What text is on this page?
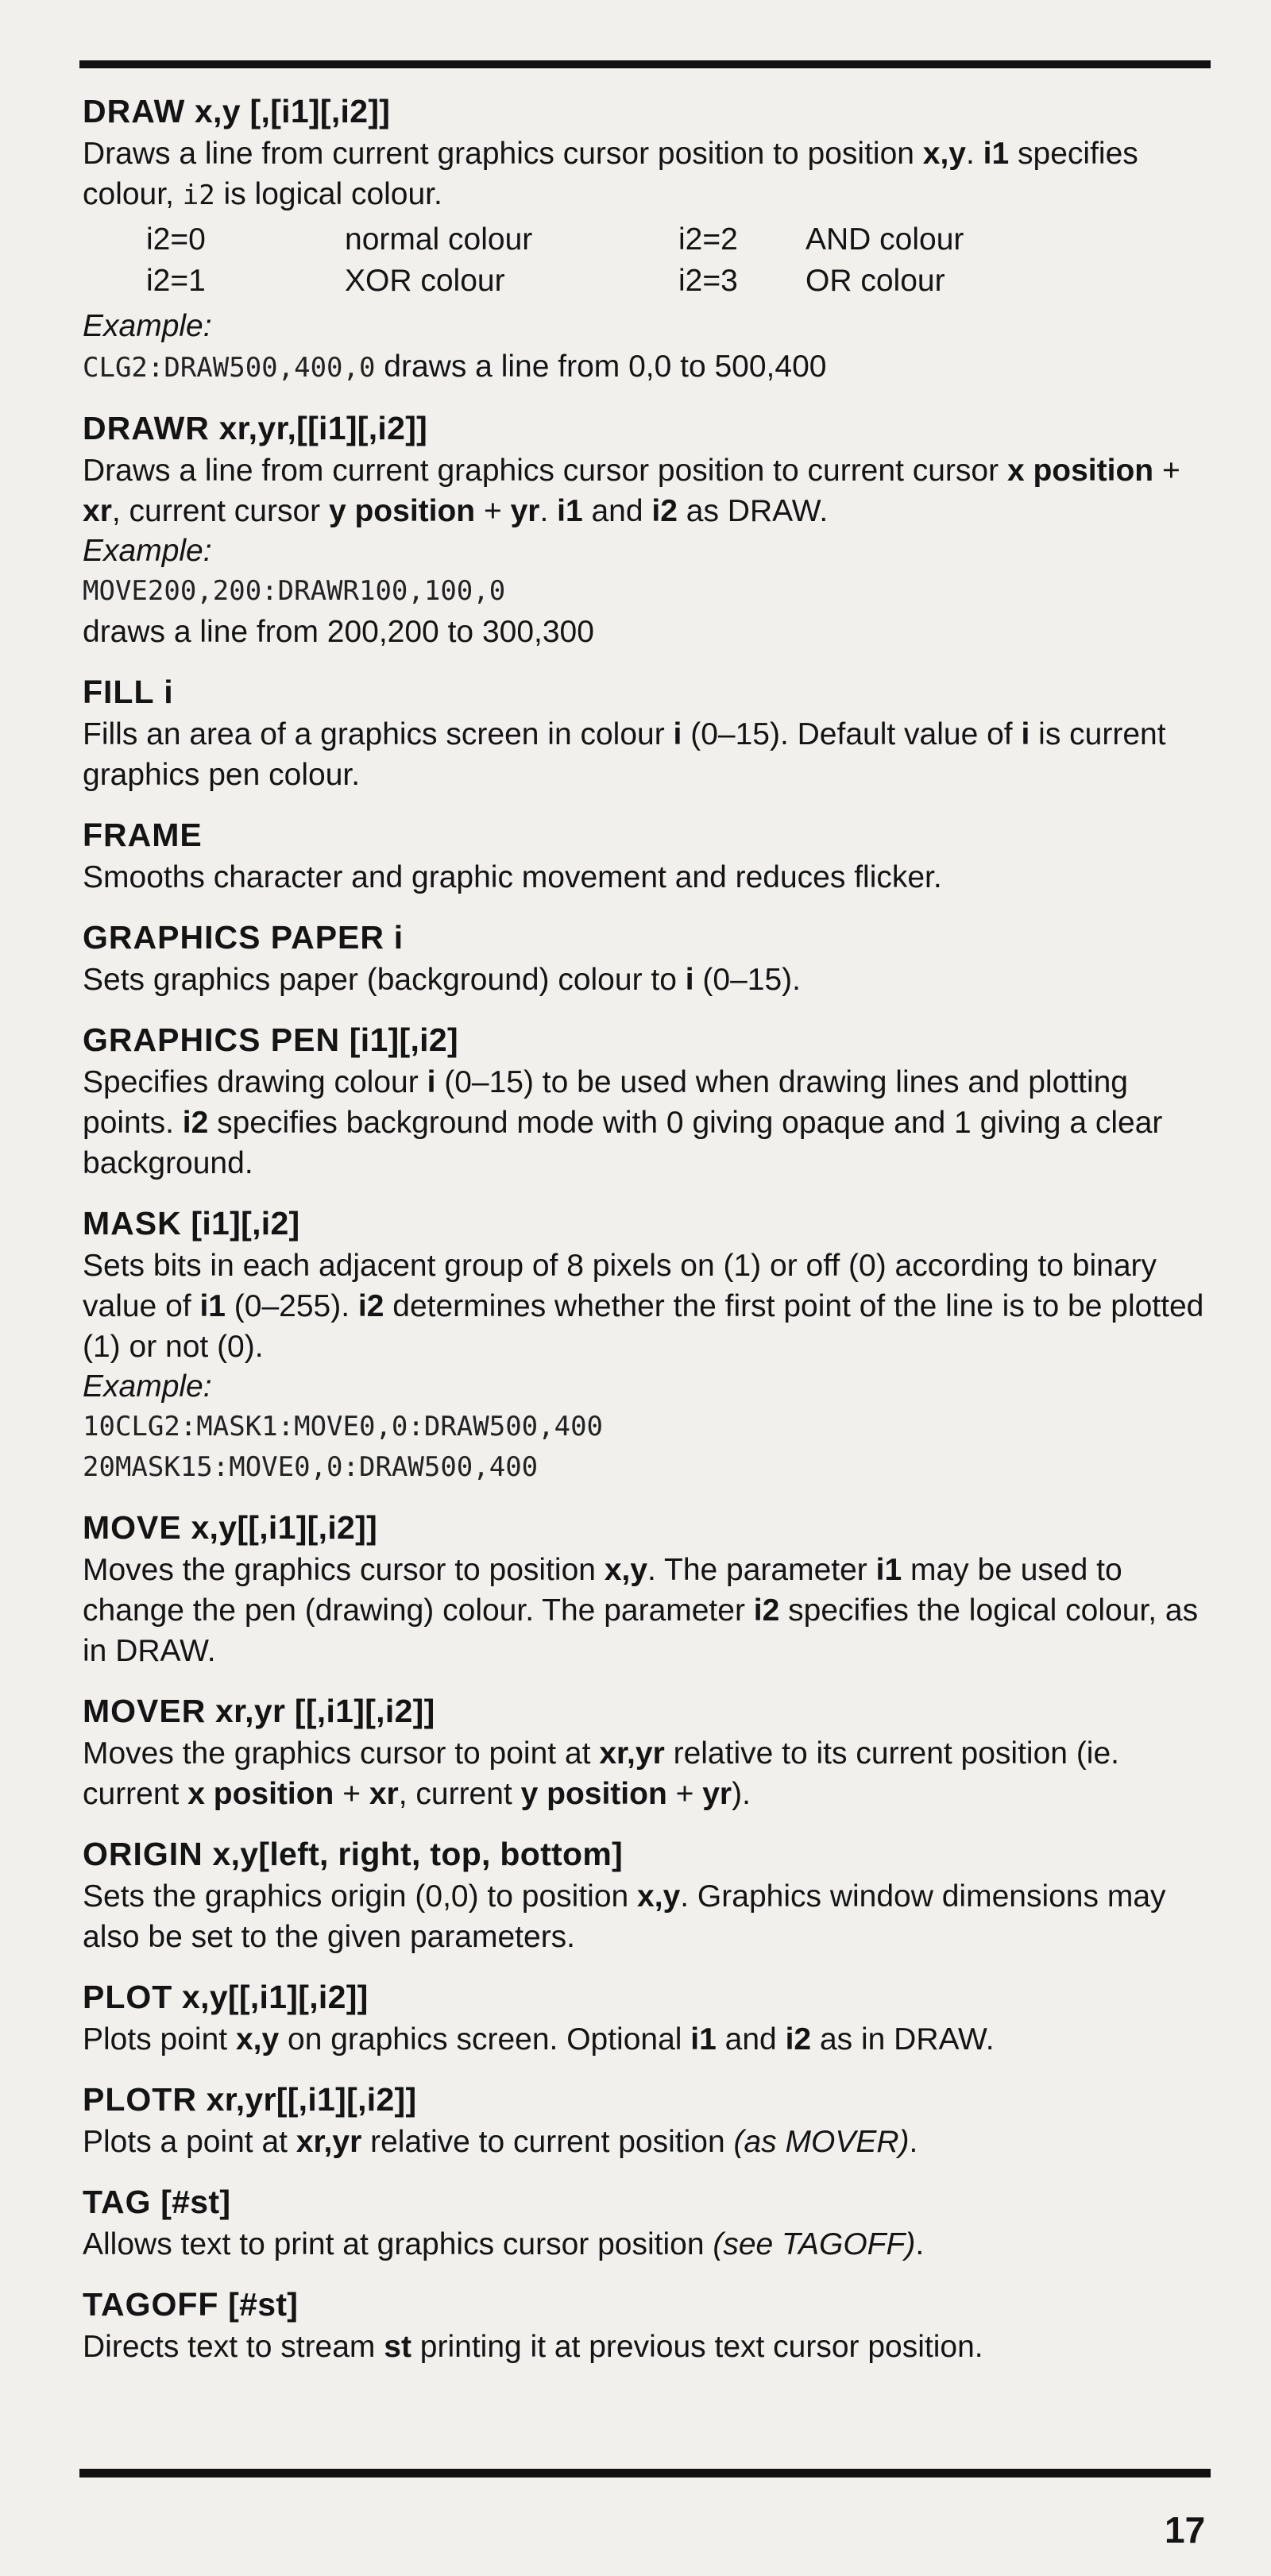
DRAW x,y [,[i1][,i2]]
Draws a line from current graphics cursor position to position x,y. i1 specifies colour, i2 is logical colour.
i2=0	normal colour	i2=2	AND colour
i2=1	XOR colour	i2=3	OR colour
Example:
CLG2:DRAW500,400,0 draws a line from 0,0 to 500,400
DRAWR xr,yr,[[i1][,i2]]
Draws a line from current graphics cursor position to current cursor x position + xr, current cursor y position + yr. i1 and i2 as DRAW.
Example:
MOVE200,200:DRAWR100,100,0
draws a line from 200,200 to 300,300
FILL i
Fills an area of a graphics screen in colour i (0–15). Default value of i is current graphics pen colour.
FRAME
Smooths character and graphic movement and reduces flicker.
GRAPHICS PAPER i
Sets graphics paper (background) colour to i (0–15).
GRAPHICS PEN [i1][,i2]
Specifies drawing colour i (0–15) to be used when drawing lines and plotting points. i2 specifies background mode with 0 giving opaque and 1 giving a clear background.
MASK [i1][,i2]
Sets bits in each adjacent group of 8 pixels on (1) or off (0) according to binary value of i1 (0–255). i2 determines whether the first point of the line is to be plotted (1) or not (0).
Example:
10CLG2:MASK1:MOVE0,0:DRAW500,400
20MASK15:MOVE0,0:DRAW500,400
MOVE x,y[[,i1][,i2]]
Moves the graphics cursor to position x,y. The parameter i1 may be used to change the pen (drawing) colour. The parameter i2 specifies the logical colour, as in DRAW.
MOVER xr,yr [[,i1][,i2]]
Moves the graphics cursor to point at xr,yr relative to its current position (ie. current x position + xr, current y position + yr).
ORIGIN x,y[left, right, top, bottom]
Sets the graphics origin (0,0) to position x,y. Graphics window dimensions may also be set to the given parameters.
PLOT x,y[[,i1][,i2]]
Plots point x,y on graphics screen. Optional i1 and i2 as in DRAW.
PLOTR xr,yr[[,i1][,i2]]
Plots a point at xr,yr relative to current position (as MOVER).
TAG [#st]
Allows text to print at graphics cursor position (see TAGOFF).
TAGOFF [#st]
Directs text to stream st printing it at previous text cursor position.
17
